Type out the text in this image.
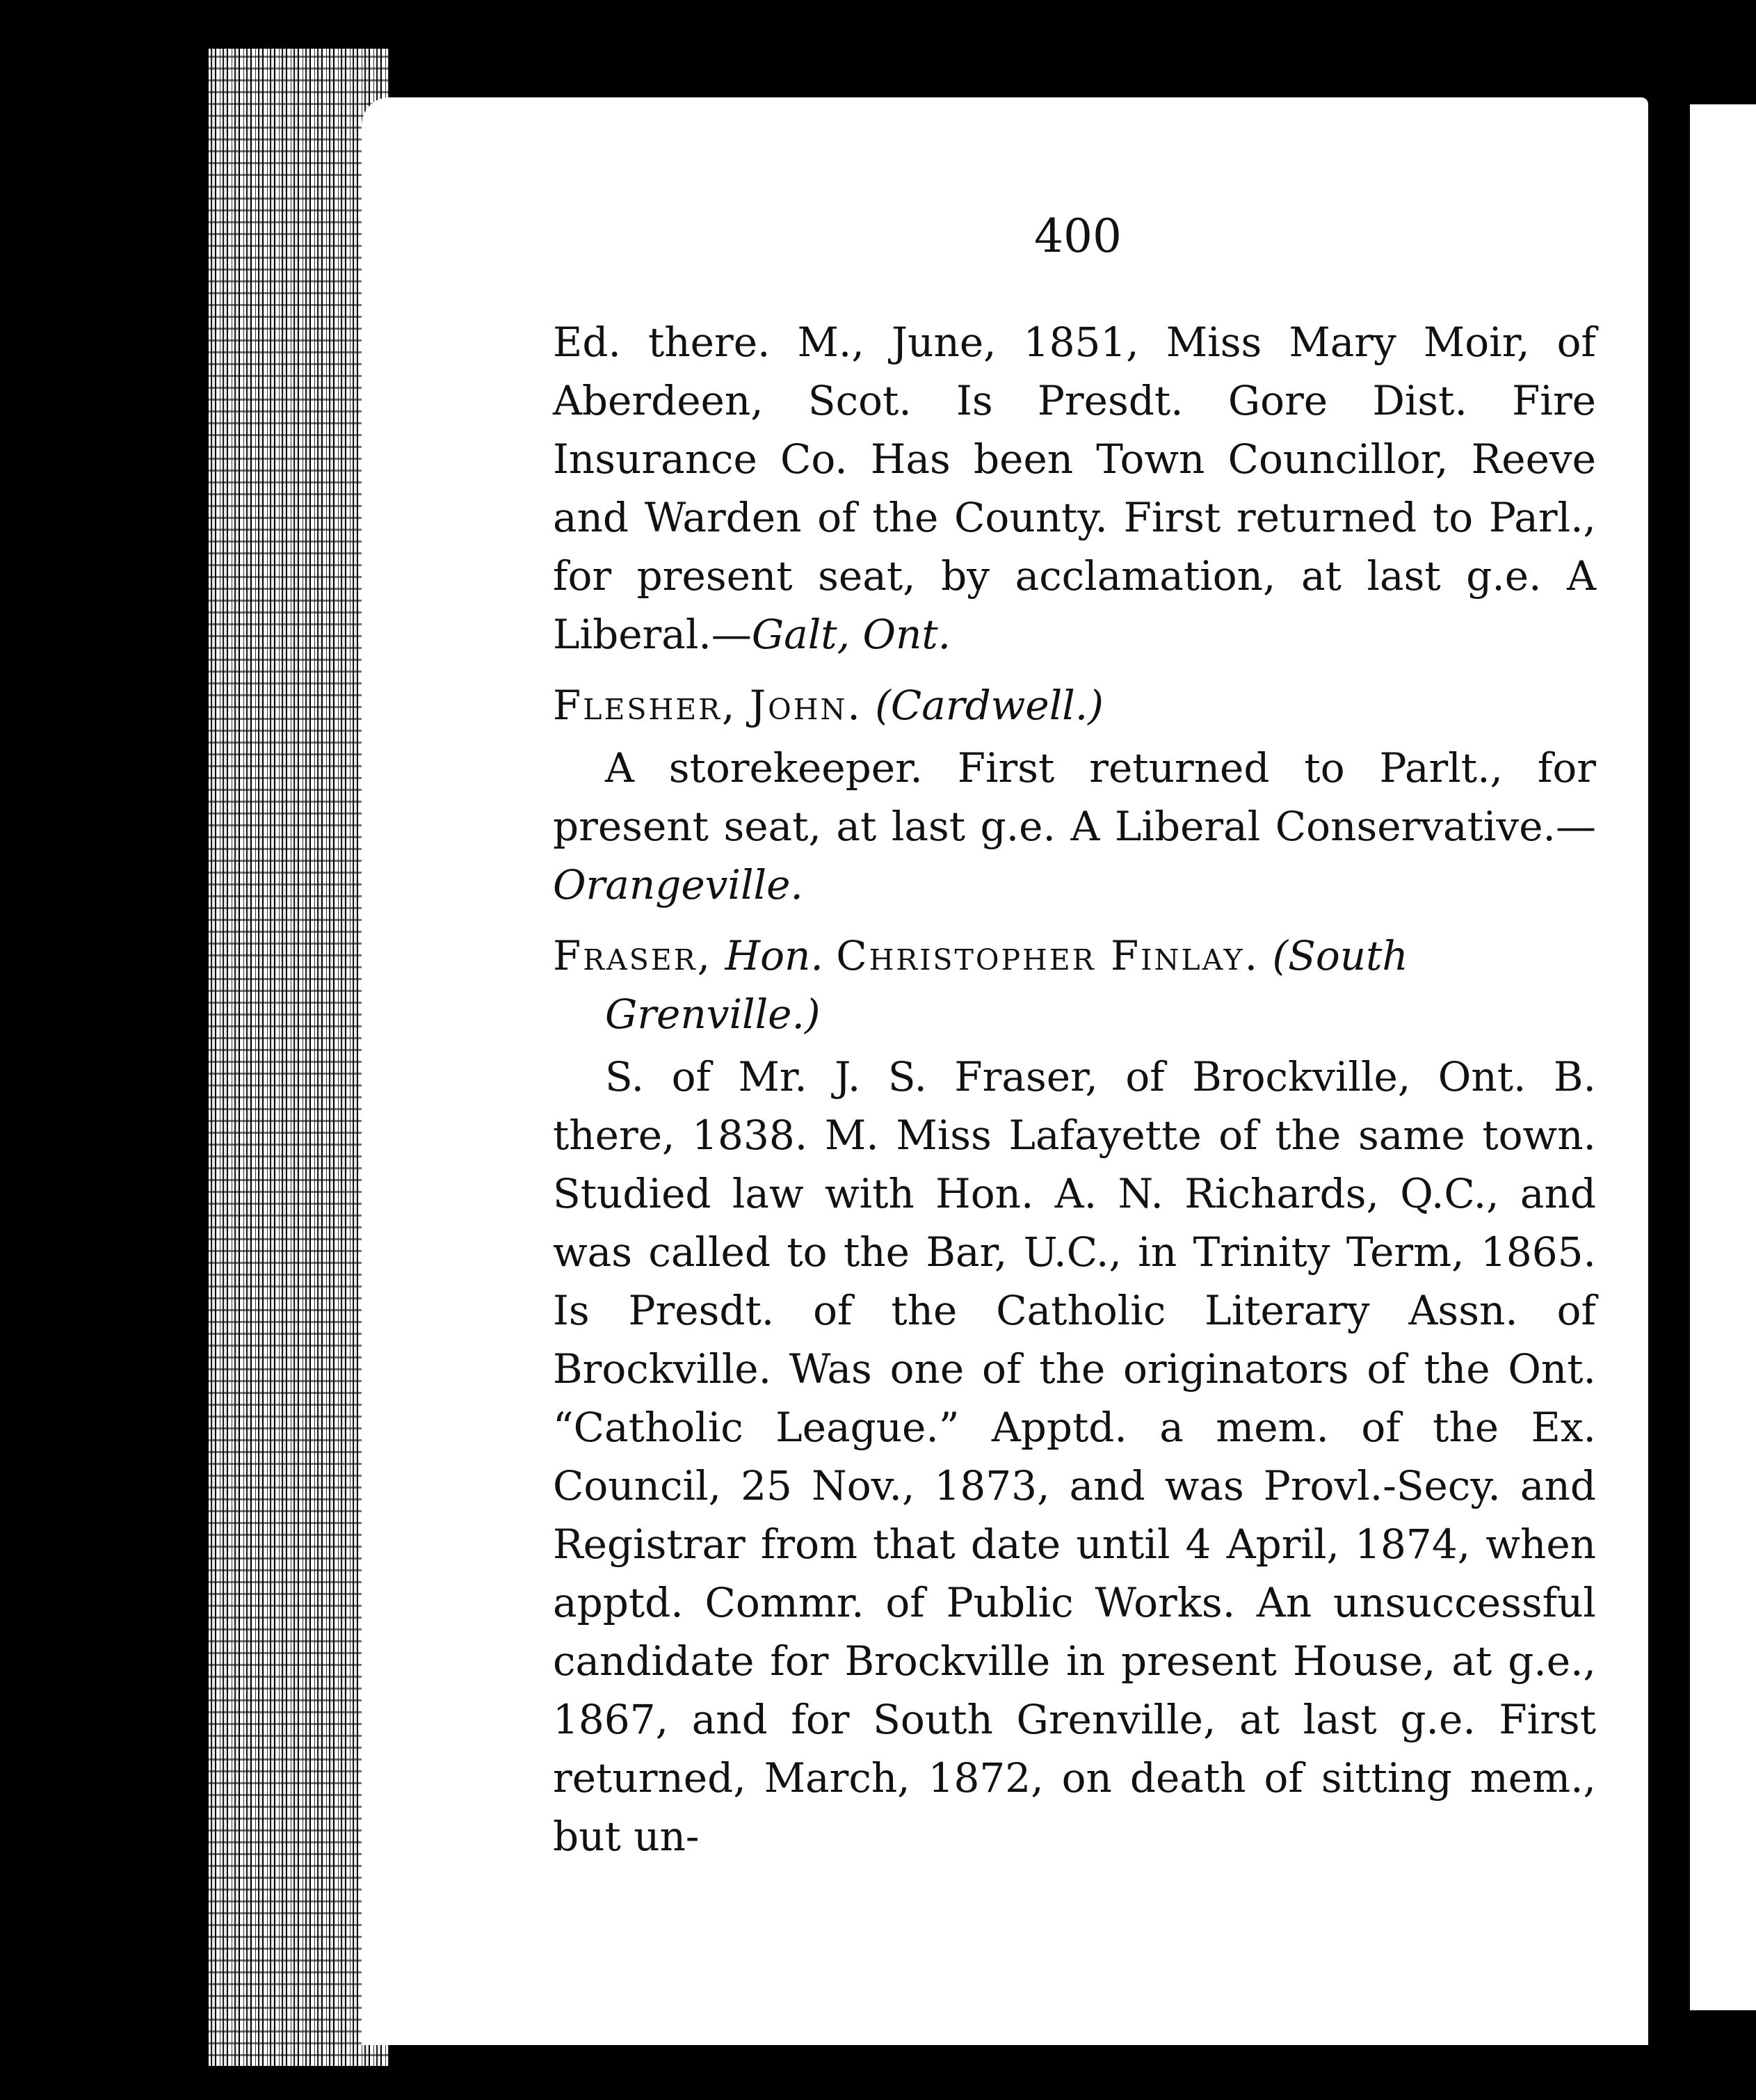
400

Ed. there. M., June, 1851, Miss Mary Moir, of Aberdeen, Scot. Is Presdt. Gore Dist. Fire Insurance Co. Has been Town Councillor, Reeve and Warden of the County. First returned to Parl., for present seat, by acclamation, at last g.e. A Liberal.—Galt, Ont.

Flesher, John. (Cardwell.)

A storekeeper. First returned to Parlt., for present seat, at last g.e. A Liberal Conservative.—Orangeville.

Fraser, Hon. Christopher Finlay. (South Grenville.)

S. of Mr. J. S. Fraser, of Brockville, Ont. B. there, 1838. M. Miss Lafayette of the same town. Studied law with Hon. A. N. Richards, Q.C., and was called to the Bar, U.C., in Trinity Term, 1865. Is Presdt. of the Catholic Literary Assn. of Brockville. Was one of the originators of the Ont. “Catholic League.” Apptd. a mem. of the Ex. Council, 25 Nov., 1873, and was Provl.-Secy. and Registrar from that date until 4 April, 1874, when apptd. Commr. of Public Works. An unsuccessful candidate for Brockville in present House, at g.e., 1867, and for South Grenville, at last g.e. First returned, March, 1872, on death of sitting mem., but un-
